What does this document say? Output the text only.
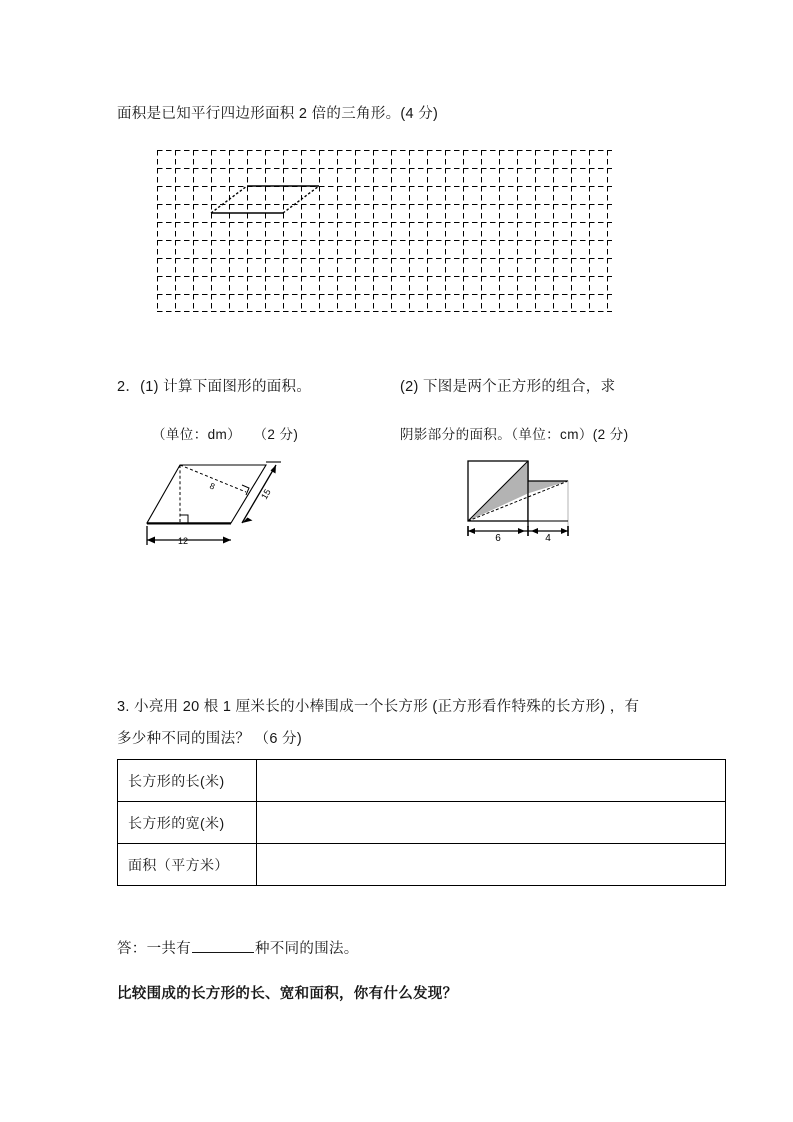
面积是已知平行四边形面积 2 倍的三角形。(4 分)
2．(1) 计算下面图形的面积。	(2) 下图是两个正方形的组合，求
（单位：dm） （2 分)	阴影部分的面积。（单位：cm）(2 分)
12
15
8
6	4
3. 小亮用 20 根 1 厘米长的小棒围成一个长方形 (正方形看作特殊的长方形) ，有
多少种不同的围法？ （6 分)
长方形的长(米)	
长方形的宽(米)	
面积（平方米）	
答：一共有	种不同的围法。
比较围成的长方形的长、宽和面积，你有什么发现？
